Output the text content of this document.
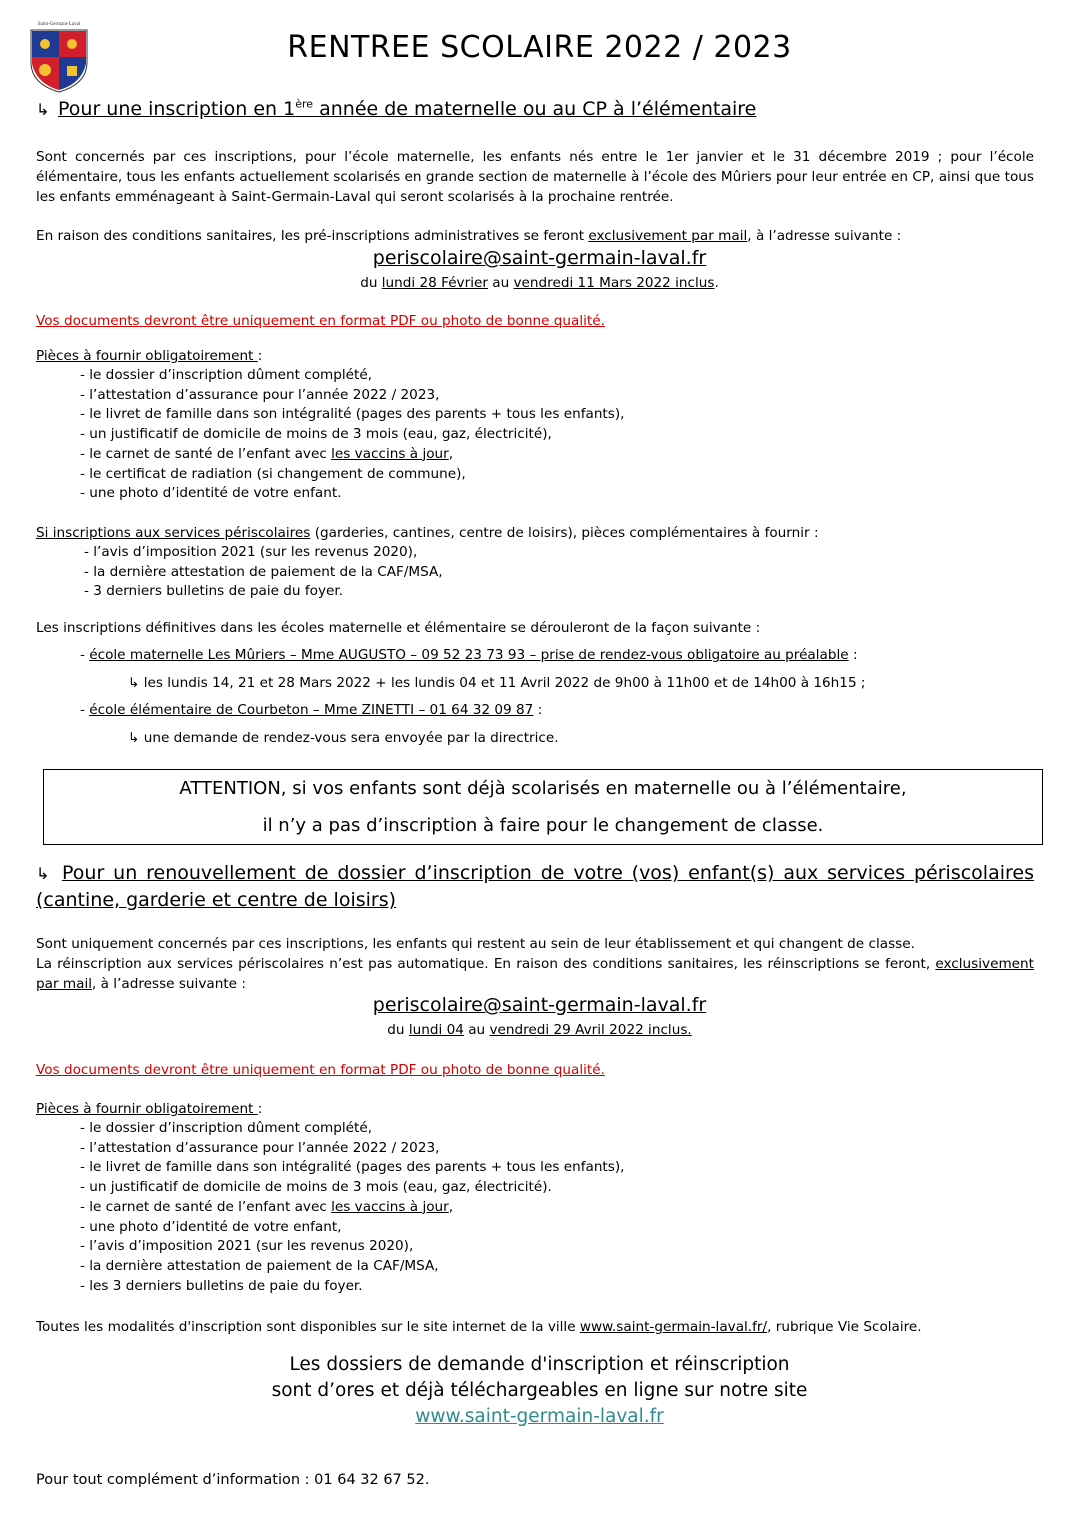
Saint-Germain-Laval
RENTREE SCOLAIRE 2022 / 2023
↳ Pour une inscription en 1ère année de maternelle ou au CP à l’élémentaire
Sont concernés par ces inscriptions, pour l’école maternelle, les enfants nés entre le 1er janvier et le 31 décembre 2019 ; pour l’école élémentaire, tous les enfants actuellement scolarisés en grande section de maternelle à l’école des Mûriers pour leur entrée en CP, ainsi que tous les enfants emménageant à Saint-Germain-Laval qui seront scolarisés à la prochaine rentrée.
En raison des conditions sanitaires, les pré-inscriptions administratives se feront exclusivement par mail, à l’adresse suivante :
periscolaire@saint-germain-laval.fr
du lundi 28 Février au vendredi 11 Mars 2022 inclus.
Vos documents devront être uniquement en format PDF ou photo de bonne qualité.
Pièces à fournir obligatoirement :
- le dossier d’inscription dûment complété,
- l’attestation d’assurance pour l’année 2022 / 2023,
- le livret de famille dans son intégralité (pages des parents + tous les enfants),
- un justificatif de domicile de moins de 3 mois (eau, gaz, électricité),
- le carnet de santé de l’enfant avec les vaccins à jour,
- le certificat de radiation (si changement de commune),
- une photo d’identité de votre enfant.
Si inscriptions aux services périscolaires (garderies, cantines, centre de loisirs), pièces complémentaires à fournir :
- l’avis d’imposition 2021 (sur les revenus 2020),
- la dernière attestation de paiement de la CAF/MSA,
- 3 derniers bulletins de paie du foyer.
Les inscriptions définitives dans les écoles maternelle et élémentaire se dérouleront de la façon suivante :
- école maternelle Les Mûriers – Mme AUGUSTO – 09 52 23 73 93 – prise de rendez-vous obligatoire au préalable :
↳ les lundis 14, 21 et 28 Mars 2022 + les lundis 04 et 11 Avril 2022 de 9h00 à 11h00 et de 14h00 à 16h15 ;
- école élémentaire de Courbeton – Mme ZINETTI – 01 64 32 09 87 :
↳ une demande de rendez-vous sera envoyée par la directrice.
ATTENTION, si vos enfants sont déjà scolarisés en maternelle ou à l’élémentaire,
il n’y a pas d’inscription à faire pour le changement de classe.
↳ Pour un renouvellement de dossier d’inscription de votre (vos) enfant(s) aux services périscolaires (cantine, garderie et centre de loisirs)
Sont uniquement concernés par ces inscriptions, les enfants qui restent au sein de leur établissement et qui changent de classe.
La réinscription aux services périscolaires n’est pas automatique. En raison des conditions sanitaires, les réinscriptions se feront, exclusivement par mail, à l’adresse suivante :
periscolaire@saint-germain-laval.fr
du lundi 04 au vendredi 29 Avril 2022 inclus.
Vos documents devront être uniquement en format PDF ou photo de bonne qualité.
Pièces à fournir obligatoirement :
- le dossier d’inscription dûment complété,
- l’attestation d’assurance pour l’année 2022 / 2023,
- le livret de famille dans son intégralité (pages des parents + tous les enfants),
- un justificatif de domicile de moins de 3 mois (eau, gaz, électricité).
- le carnet de santé de l’enfant avec les vaccins à jour,
- une photo d’identité de votre enfant,
- l’avis d’imposition 2021 (sur les revenus 2020),
- la dernière attestation de paiement de la CAF/MSA,
- les 3 derniers bulletins de paie du foyer.
Toutes les modalités d'inscription sont disponibles sur le site internet de la ville www.saint-germain-laval.fr/, rubrique Vie Scolaire.
Les dossiers de demande d'inscription et réinscription
sont d’ores et déjà téléchargeables en ligne sur notre site
www.saint-germain-laval.fr
Pour tout complément d’information : 01 64 32 67 52.
